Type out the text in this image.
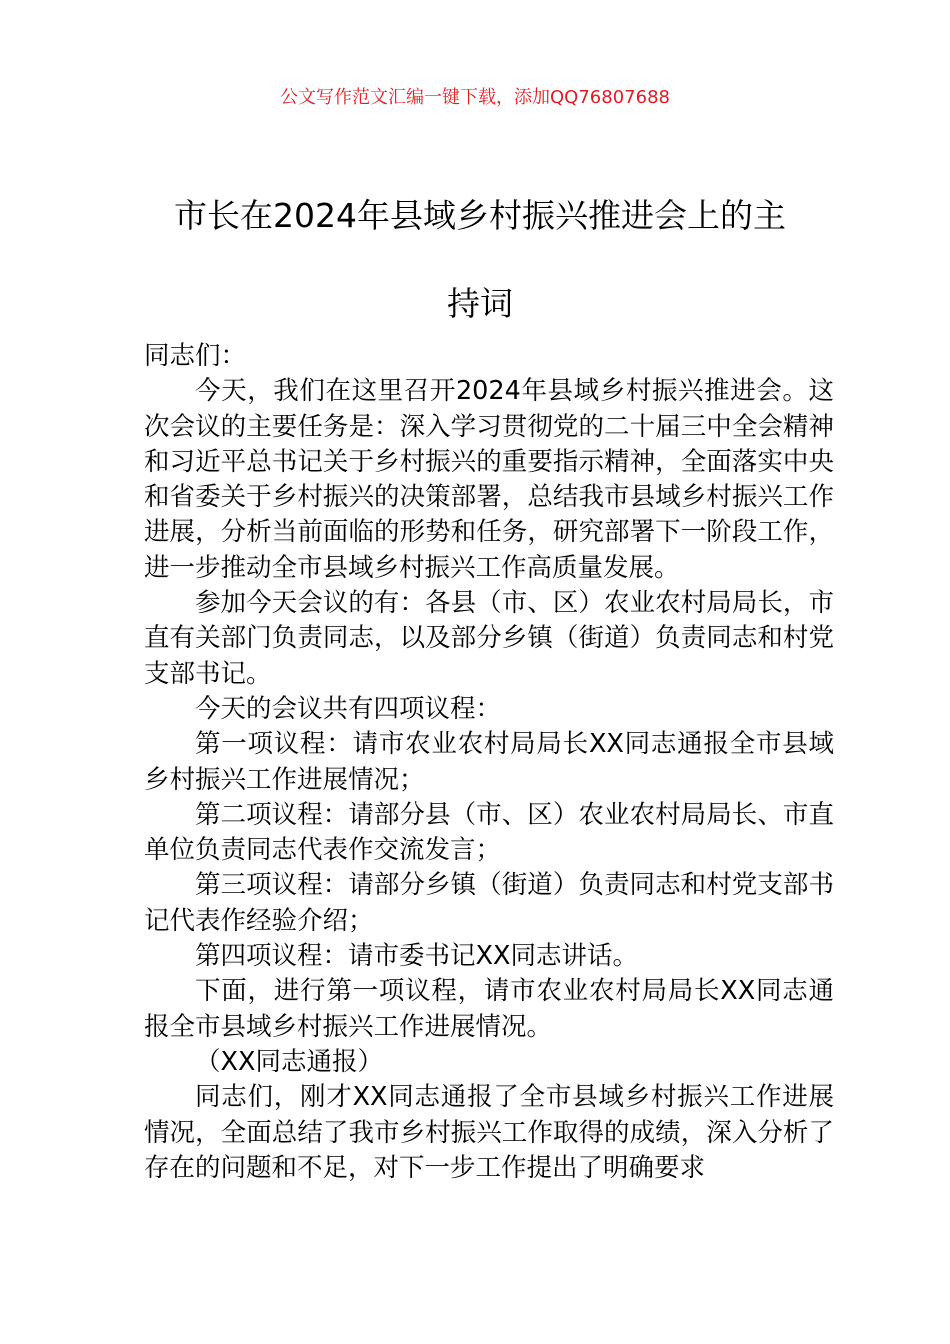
公文写作范文汇编一键下载，添加QQ76807688
市长在2024年县域乡村振兴推进会上的主
持词

同志们：

今天，我们在这里召开2024年县域乡村振兴推进会。这次会议的主要任务是：深入学习贯彻党的二十届三中全会精神和习近平总书记关于乡村振兴的重要指示精神，全面落实中央和省委关于乡村振兴的决策部署，总结我市县域乡村振兴工作进展，分析当前面临的形势和任务，研究部署下一阶段工作，进一步推动全市县域乡村振兴工作高质量发展。

参加今天会议的有：各县（市、区）农业农村局局长，市直有关部门负责同志，以及部分乡镇（街道）负责同志和村党支部书记。

今天的会议共有四项议程：

第一项议程：请市农业农村局局长XX同志通报全市县域乡村振兴工作进展情况；

第二项议程：请部分县（市、区）农业农村局局长、市直单位负责同志代表作交流发言；

第三项议程：请部分乡镇（街道）负责同志和村党支部书记代表作经验介绍；

第四项议程：请市委书记XX同志讲话。

下面，进行第一项议程，请市农业农村局局长XX同志通报全市县域乡村振兴工作进展情况。

（XX同志通报）

同志们，刚才XX同志通报了全市县域乡村振兴工作进展情况，全面总结了我市乡村振兴工作取得的成绩，深入分析了存在的问题和不足，对下一步工作提出了明确要求
